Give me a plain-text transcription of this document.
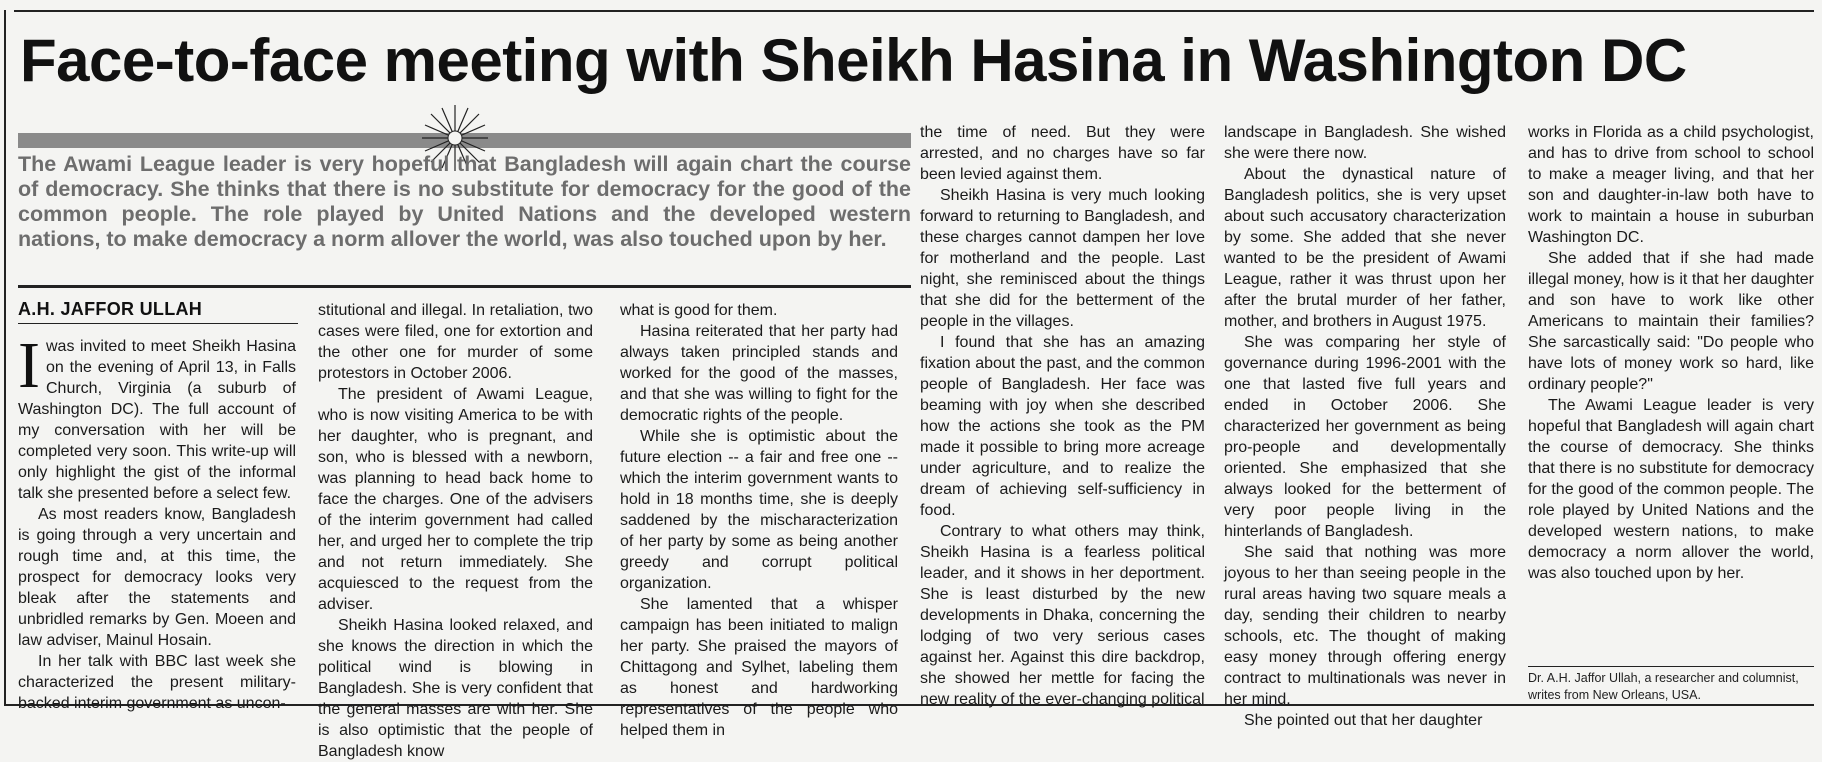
Face-to-face meeting with Sheikh Hasina in Washington DC
The Awami League leader is very hopeful that Bangladesh will again chart the course of democracy. She thinks that there is no substitute for democracy for the good of the common people. The role played by United Nations and the developed western nations, to make democracy a norm allover the world, was also touched upon by her.
A.H. JAFFOR ULLAH

Iwas invited to meet Sheikh Hasina on the evening of April 13, in Falls Church, Virginia (a suburb of Washington DC). The full account of my conversation with her will be completed very soon. This write-up will only highlight the gist of the informal talk she presented before a select few.

As most readers know, Bangladesh is going through a very uncertain and rough time and, at this time, the prospect for democracy looks very bleak after the statements and unbridled remarks by Gen. Moeen and law adviser, Mainul Hosain.

In her talk with BBC last week she characterized the present military-backed interim government as uncon-

stitutional and illegal. In retaliation, two cases were filed, one for extortion and the other one for murder of some protestors in October 2006.

The president of Awami League, who is now visiting America to be with her daughter, who is pregnant, and son, who is blessed with a newborn, was planning to head back home to face the charges. One of the advisers of the interim government had called her, and urged her to complete the trip and not return immediately. She acquiesced to the request from the adviser.

Sheikh Hasina looked relaxed, and she knows the direction in which the political wind is blowing in Bangladesh. She is very confident that the general masses are with her. She is also optimistic that the people of Bangladesh know

what is good for them.

Hasina reiterated that her party had always taken principled stands and worked for the good of the masses, and that she was willing to fight for the democratic rights of the people.

While she is optimistic about the future election -- a fair and free one -- which the interim government wants to hold in 18 months time, she is deeply saddened by the mischaracterization of her party by some as being another greedy and corrupt political organization.

She lamented that a whisper campaign has been initiated to malign her party. She praised the mayors of Chittagong and Sylhet, labeling them as honest and hardworking representatives of the people who helped them in

the time of need. But they were arrested, and no charges have so far been levied against them.

Sheikh Hasina is very much looking forward to returning to Bangladesh, and these charges cannot dampen her love for motherland and the people. Last night, she reminisced about the things that she did for the betterment of the people in the villages.

I found that she has an amazing fixation about the past, and the common people of Bangladesh. Her face was beaming with joy when she described how the actions she took as the PM made it possible to bring more acreage under agriculture, and to realize the dream of achieving self-sufficiency in food.

Contrary to what others may think, Sheikh Hasina is a fearless political leader, and it shows in her deportment. She is least disturbed by the new developments in Dhaka, concerning the lodging of two very serious cases against her. Against this dire backdrop, she showed her mettle for facing the new reality of the ever-changing political

landscape in Bangladesh. She wished she were there now.

About the dynastical nature of Bangladesh politics, she is very upset about such accusatory characterization by some. She added that she never wanted to be the president of Awami League, rather it was thrust upon her after the brutal murder of her father, mother, and brothers in August 1975.

She was comparing her style of governance during 1996-2001 with the one that lasted five full years and ended in October 2006. She characterized her government as being pro-people and developmentally oriented. She emphasized that she always looked for the betterment of very poor people living in the hinterlands of Bangladesh.

She said that nothing was more joyous to her than seeing people in the rural areas having two square meals a day, sending their children to nearby schools, etc. The thought of making easy money through offering energy contract to multinationals was never in her mind.

She pointed out that her daughter

works in Florida as a child psychologist, and has to drive from school to school to make a meager living, and that her son and daughter-in-law both have to work to maintain a house in suburban Washington DC.

She added that if she had made illegal money, how is it that her daughter and son have to work like other Americans to maintain their families? She sarcastically said: "Do people who have lots of money work so hard, like ordinary people?"

The Awami League leader is very hopeful that Bangladesh will again chart the course of democracy. She thinks that there is no substitute for democracy for the good of the common people. The role played by United Nations and the developed western nations, to make democracy a norm allover the world, was also touched upon by her.

Dr. A.H. Jaffor Ullah, a researcher and columnist, writes from New Orleans, USA.
